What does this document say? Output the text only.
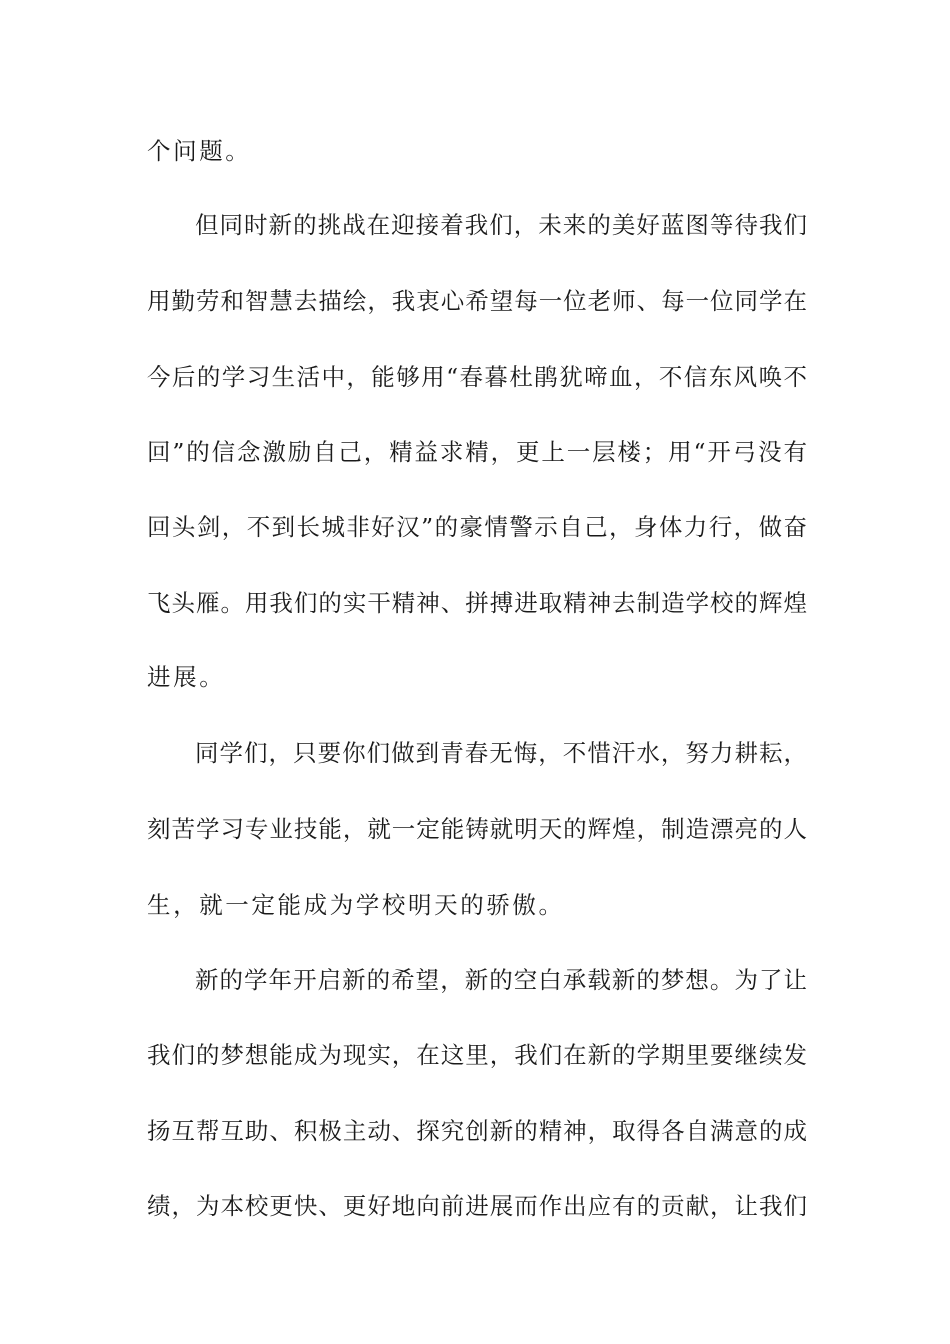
个问题。
但同时新的挑战在迎接着我们，未来的美好蓝图等待我们
用勤劳和智慧去描绘，我衷心希望每一位老师、每一位同学在
今后的学习生活中，能够用“春暮杜鹃犹啼血，不信东风唤不
回”的信念激励自己，精益求精，更上一层楼；用“开弓没有
回头剑，不到长城非好汉”的豪情警示自己，身体力行，做奋
飞头雁。用我们的实干精神、拼搏进取精神去制造学校的辉煌
进展。
同学们，只要你们做到青春无悔，不惜汗水，努力耕耘，
刻苦学习专业技能，就一定能铸就明天的辉煌，制造漂亮的人
生，就一定能成为学校明天的骄傲。
新的学年开启新的希望，新的空白承载新的梦想。为了让
我们的梦想能成为现实，在这里，我们在新的学期里要继续发
扬互帮互助、积极主动、探究创新的精神，取得各自满意的成
绩，为本校更快、更好地向前进展而作出应有的贡献，让我们
